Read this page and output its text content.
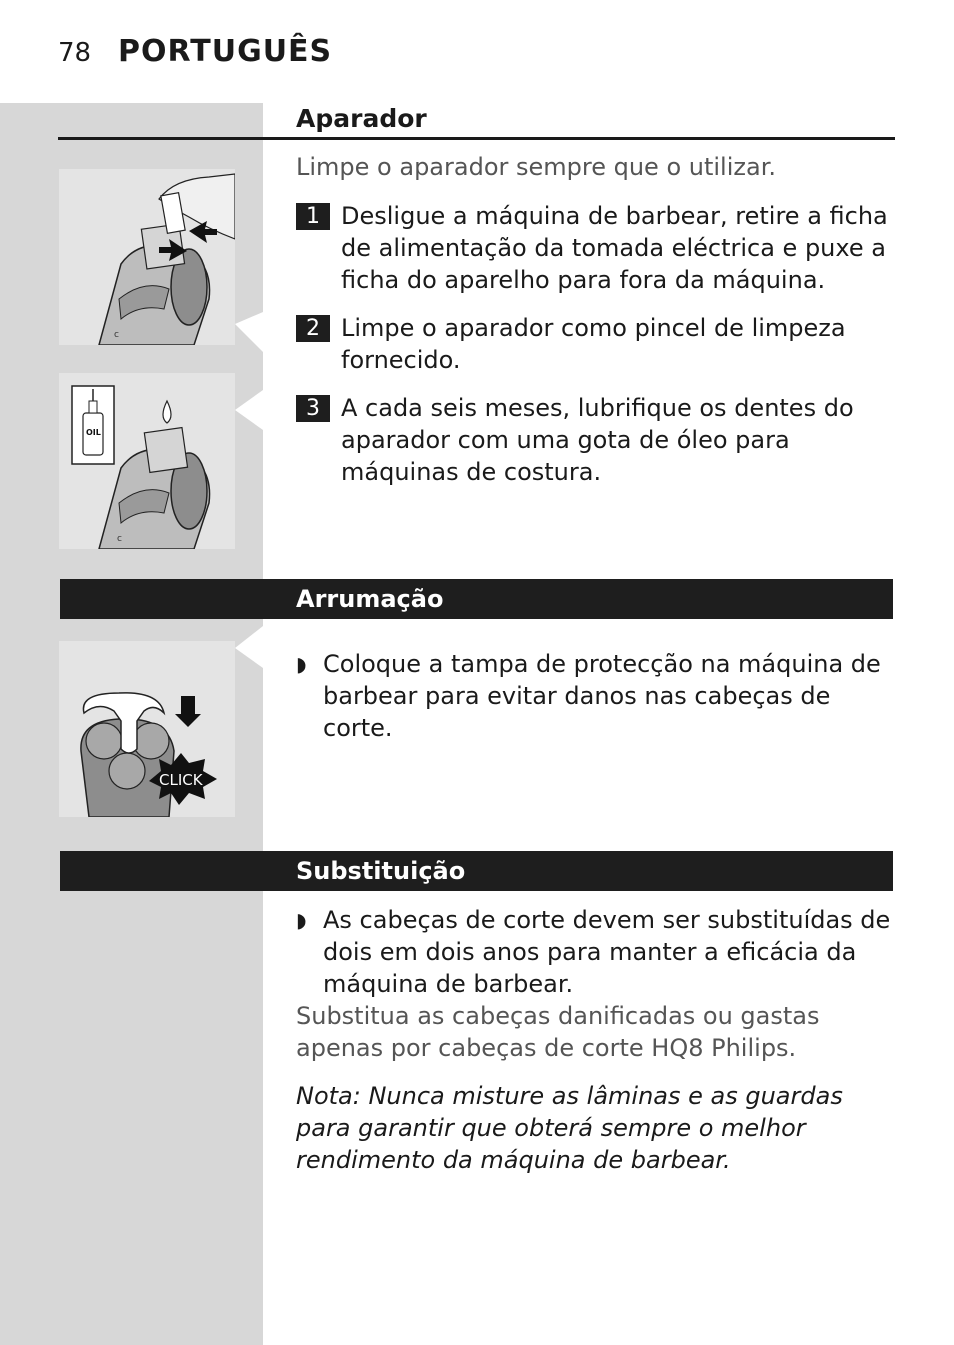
78 PORTUGUÊS
Aparador
Limpe o aparador sempre que o utilizar.
1 Desligue a máquina de barbear, retire a ficha de alimentação da tomada eléctrica e puxe a ficha do aparelho para fora da máquina.
2 Limpe o aparador como pincel de limpeza fornecido.
3 A cada seis meses, lubrifique os dentes do aparador com uma gota de óleo para máquinas de costura.
c
OIL
c
Arrumação
CLICK
◗ Coloque a tampa de protecção na máquina de barbear para evitar danos nas cabeças de corte.
Substituição
◗ As cabeças de corte devem ser substituídas de dois em dois anos para manter a eficácia da máquina de barbear.
Substitua as cabeças danificadas ou gastas apenas por cabeças de corte HQ8 Philips.
Nota: Nunca misture as lâminas e as guardas para garantir que obterá sempre o melhor rendimento da máquina de barbear.
